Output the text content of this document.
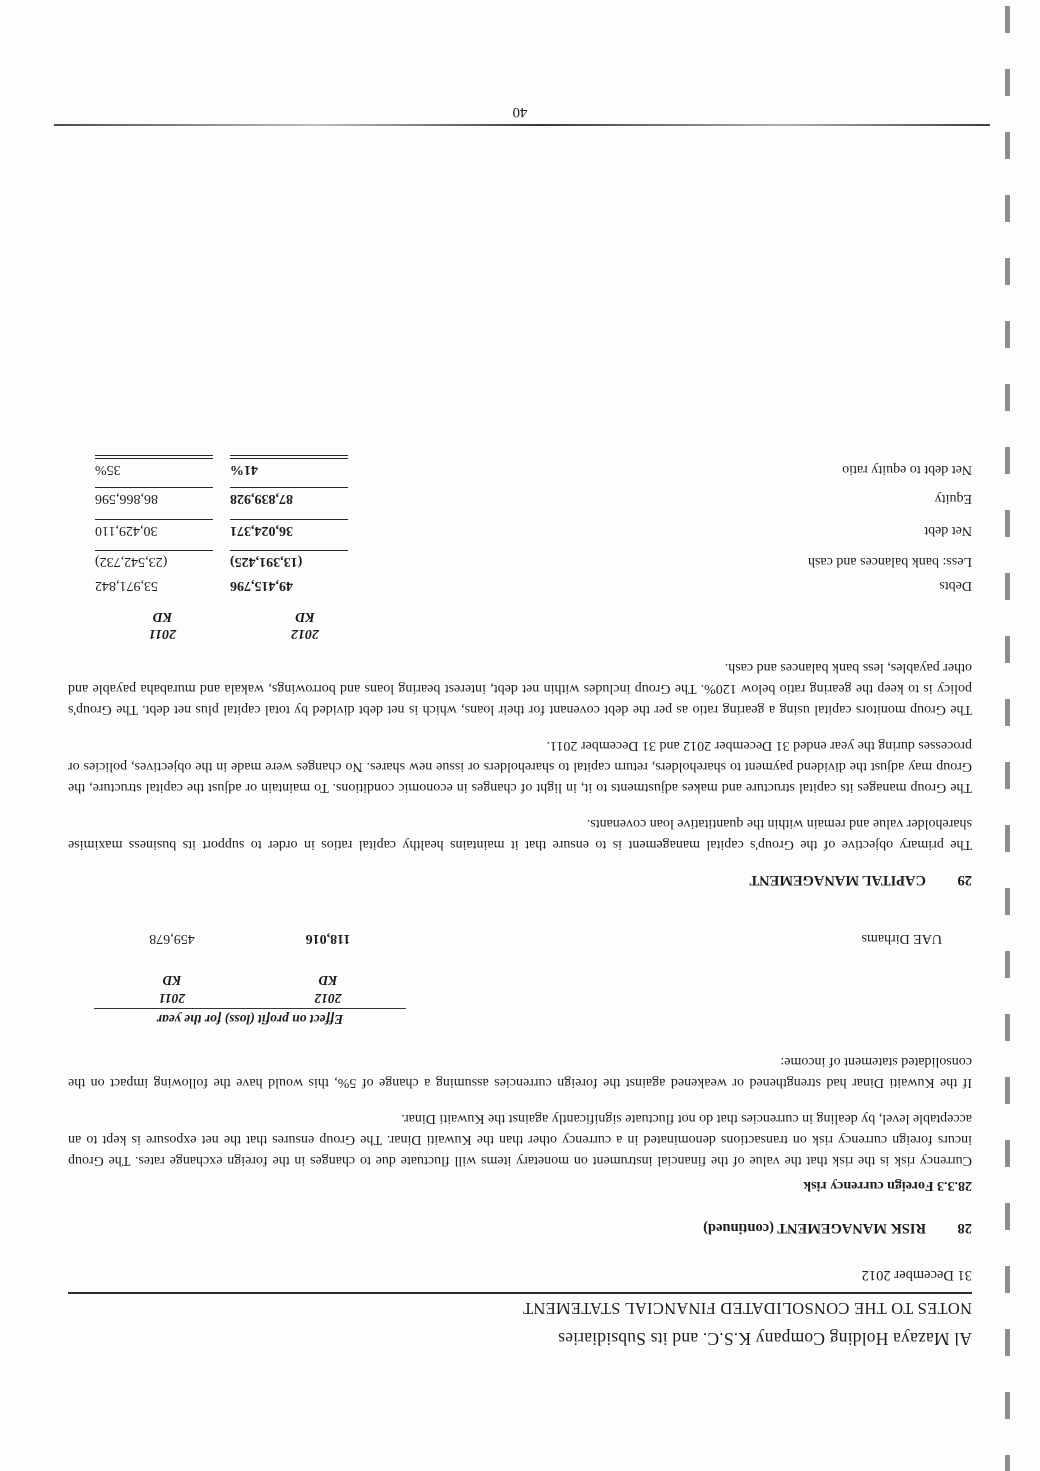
Al Mazaya Holding Company K.S.C. and its Subsidiaries
NOTES TO THE CONSOLIDATED FINANCIAL STATEMENT
31 December 2012
28
RISK MANAGEMENT (continued)
28.3.3 Foreign currency risk

Currency risk is the risk that the value of the financial instrument on monetary items will fluctuate due to changes in the foreign exchange rates. The Group incurs foreign currency risk on transactions denominated in a currency other than the Kuwaiti Dinar. The Group ensures that the net exposure is kept to an acceptable level, by dealing in currencies that do not fluctuate significantly against the Kuwaiti Dinar.

If the Kuwaiti Dinar had strengthened or weakened against the foreign currencies assuming a change of 5%, this would have the following impact on the consolidated statement of income:

Effect on profit (loss) for the year
2012
2011
KD
KD
UAE Dirhams
118,016
459,678
29
CAPITAL MANAGEMENT

The primary objective of the Group's capital management is to ensure that it maintains healthy capital ratios in order to support its business maximise shareholder value and remain within the quantitative loan covenants.

The Group manages its capital structure and makes adjustments to it, in light of changes in economic conditions. To maintain or adjust the capital structure, the Group may adjust the dividend payment to shareholders, return capital to shareholders or issue new shares. No changes were made in the objectives, policies or processes during the year ended 31 December 2012 and 31 December 2011.

The Group monitors capital using a gearing ratio as per the debt covenant for their loans, which is net debt divided by total capital plus net debt. The Group's policy is to keep the gearing ratio below 120%. The Group includes within net debt, interest bearing loans and borrowings, wakala and murabaha payable and other payables, less bank balances and cash.

2012
2011
KD
KD
Debts
49,415,796
53,971,842
Less: bank balances and cash
(13,391,425)
(23,542,732)
Net debt
36,024,371
30,429,110
Equity
87,839,928
86,866,596
Net debt to equity ratio
41%
35%
40
